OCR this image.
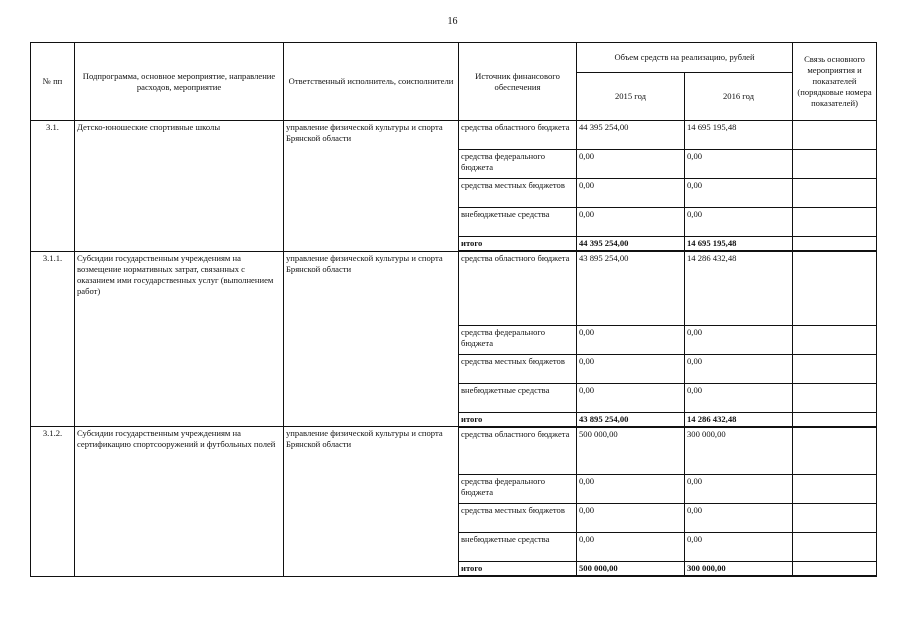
16
№ пп	Подпрограмма, основное мероприятие, направление расходов, мероприятие	Ответственный исполнитель, соисполнители	Источник финансового обеспечения	Объем средств на реализацию, рублей		Связь основного мероприятия и показателей (порядковые номера показателей)
				2015 год	2016 год	
3.1.	Детско-юношеские спортивные школы	управление физической культуры и спорта Брянской области	средства областного бюджета	44 395 254,00	14 695 195,48	
			средства федерального бюджета	0,00	0,00	
			средства местных бюджетов	0,00	0,00	
			внебюджетные средства	0,00	0,00	
			итого	44 395 254,00	14 695 195,48	
3.1.1.	Субсидии государственным учреждениям на возмещение нормативных затрат, связанных с оказанием ими государственных услуг (выполнением работ)	управление физической культуры и спорта Брянской области	средства областного бюджета	43 895 254,00	14 286 432,48	
			средства федерального бюджета	0,00	0,00	
			средства местных бюджетов	0,00	0,00	
			внебюджетные средства	0,00	0,00	
			итого	43 895 254,00	14 286 432,48	
3.1.2.	Субсидии государственным учреждениям на сертификацию спортсооружений и футбольных полей	управление физической культуры и спорта Брянской области	средства областного бюджета	500 000,00	300 000,00	
			средства федерального бюджета	0,00	0,00	
			средства местных бюджетов	0,00	0,00	
			внебюджетные средства	0,00	0,00	
			итого	500 000,00	300 000,00	
